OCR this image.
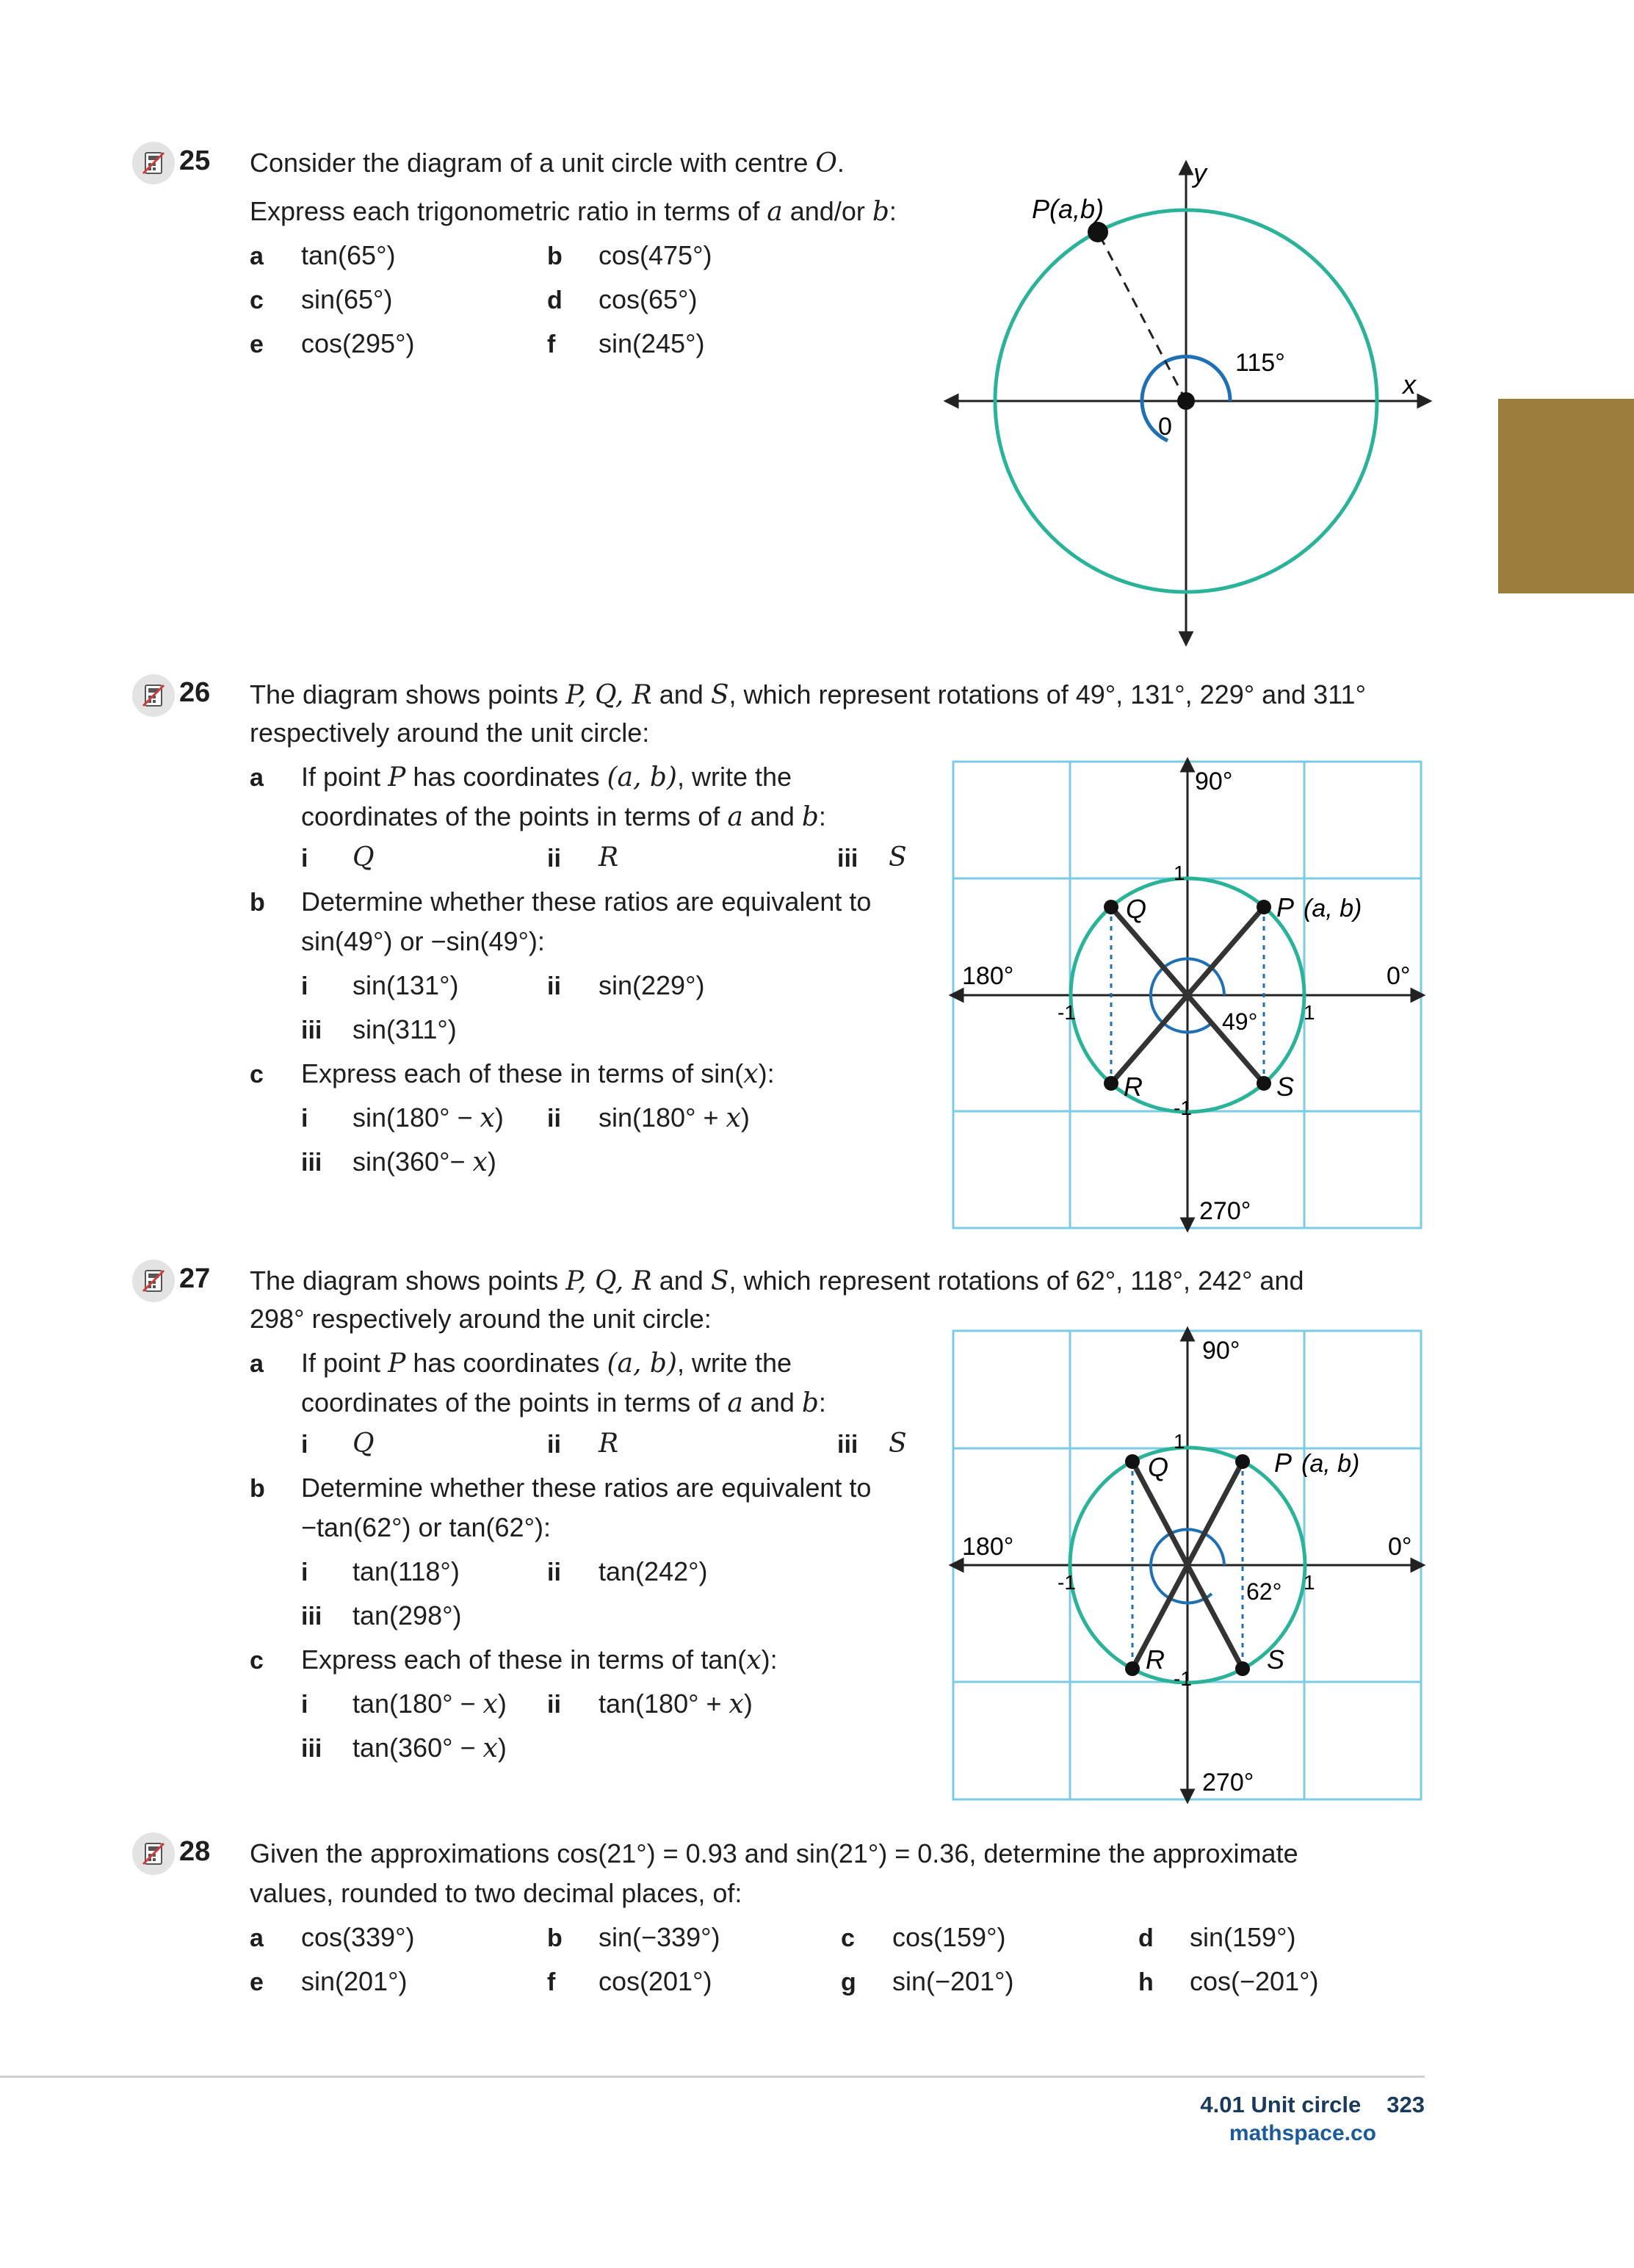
25 Consider the diagram of a unit circle with centre O.
Express each trigonometric ratio in terms of a and/or b:
a tan(65°)	b cos(475°)
c sin(65°)	d cos(65°)
e cos(295°)	f sin(245°)
P(a,b)
115°
0
x
y
26 The diagram shows points P, Q, R and S, which represent rotations of 49°, 131°, 229° and 311°
respectively around the unit circle:
a If point P has coordinates (a, b), write the
coordinates of the points in terms of a and b:
i Q	ii R	iii S
b Determine whether these ratios are equivalent to
sin(49°) or −sin(49°):
i sin(131°)	ii sin(229°)
iii sin(311°)
c Express each of these in terms of sin(x):
i sin(180° − x) ii sin(180° + x)
iii sin(360°− x)
90°
180°	0°
270°
49°
1
-1
-1
1
P (a, b)
Q
R	S
27 The diagram shows points P, Q, R and S, which represent rotations of 62°, 118°, 242° and
298° respectively around the unit circle:
a If point P has coordinates (a, b), write the
coordinates of the points in terms of a and b:
i Q	ii R	iii S
b Determine whether these ratios are equivalent to
−tan(62°) or tan(62°):
i tan(118°)	ii tan(242°)
iii tan(298°)
c Express each of these in terms of tan(x):
i tan(180° − x) ii tan(180° + x)
iii tan(360° − x)
90°
180°	0°
270°
62°
1
-1
-1
1
P (a, b)
Q
R	S
28 Given the approximations cos(21°) = 0.93 and sin(21°) = 0.36, determine the approximate
values, rounded to two decimal places, of:
a cos(339°)	b sin(−339°)	c cos(159°)	d sin(159°)
e sin(201°)	f cos(201°)	g sin(−201°)	h cos(−201°)
4.01 Unit circle 323
mathspace.co
